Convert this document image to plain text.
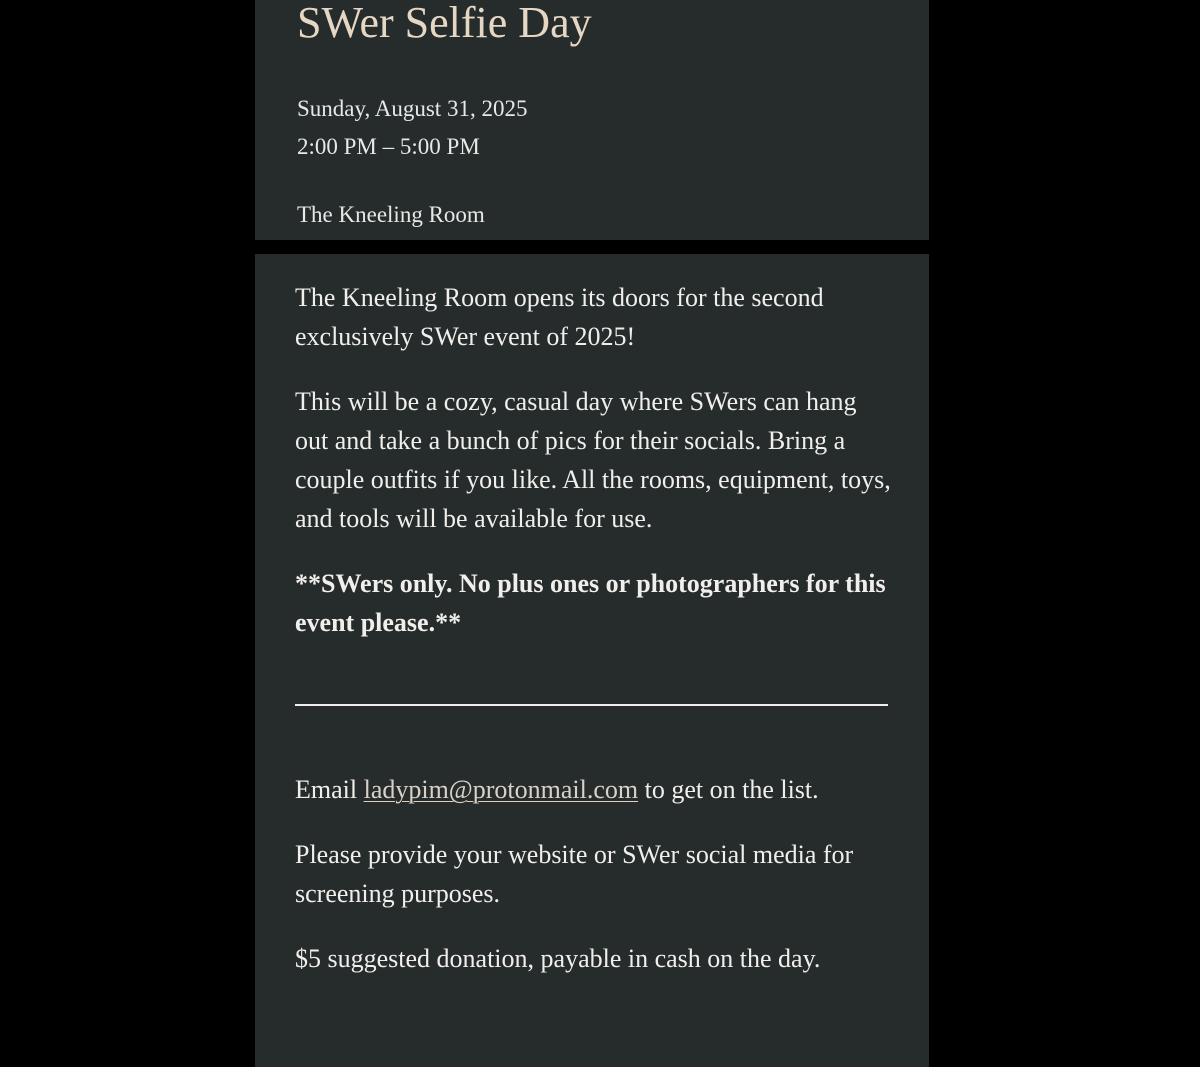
SWer Selfie Day
Sunday, August 31, 2025
2:00 PM – 5:00 PM
The Kneeling Room

The Kneeling Room opens its doors for the second exclusively SWer event of 2025!

This will be a cozy, casual day where SWers can hang out and take a bunch of pics for their socials. Bring a couple outfits if you like. All the rooms, equipment, toys, and tools will be available for use.

**SWers only. No plus ones or photographers for this event please.**

Email ladypim@protonmail.com to get on the list.

Please provide your website or SWer social media for screening purposes.

$5 suggested donation, payable in cash on the day.
